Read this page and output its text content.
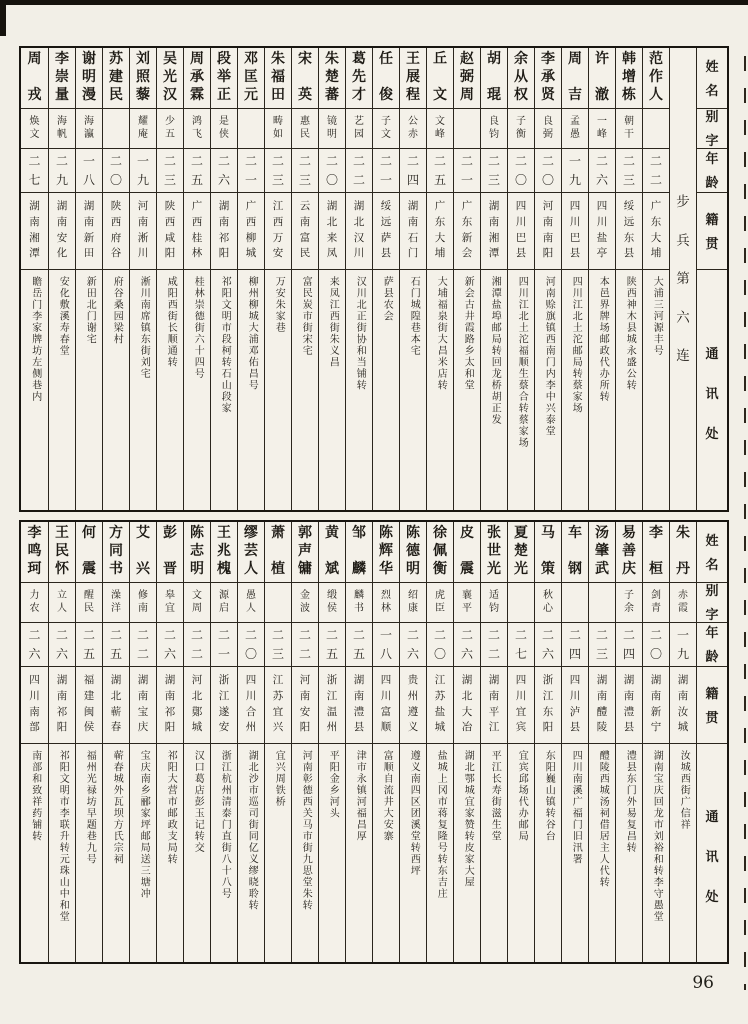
姓
名
别
字
年
龄
籍
贯
通
讯
处
步
兵
第
六
连
范
作
人
二
二
广
东
大
埔
大浦三河源丰号
韩
增
栋
朝
干
二
三
绥
远
东
县
陕西神木县城永盛公转
许
澈
一
峰
二
六
四
川
盐
亭
本邑界牌场邮政代办所转
周
吉
孟
愚
一
九
四
川
巴
县
四川江北土沱邮局转蔡家场
李
承
贤
良
弼
二
〇
河
南
南
阳
河南赊旗镇西南门内李中兴泰堂
余
从
权
子
衡
二
〇
四
川
巴
县
四川江北土沱福顺生蔡合转蔡家场
胡
琨
良
钧
二
三
湖
南
湘
潭
湘潭盐埠邮局转回龙桥胡正发
赵
弼
周
二
一
广
东
新
会
新会古井霞路乡太和堂
丘
文
文
峰
二
五
广
东
大
埔
大埔福泉街大昌米店转
王
展
程
公
赤
二
四
湖
南
石
门
石门城隍巷本宅
任
俊
子
文
二
一
绥
远
萨
县
萨县农会
葛
先
才
艺
园
二
二
湖
北
汉
川
汉川北正街协和当铺转
朱
楚
蕃
镜
明
二
〇
湖
北
来
凤
来凤江西街朱义昌
宋
英
惠
民
二
三
云
南
富
民
富民炭市街宋宅
朱
福
田
畴
如
二
三
江
西
万
安
万安朱家巷
邓
匡
元
二
一
广
西
柳
城
柳州柳城大浦邓佑昌号
段
举
正
是
侠
二
六
湖
南
祁
阳
祁阳文明市段柯转石山段家
周
承
霖
鸿
飞
二
五
广
西
桂
林
桂林崇德街六十四号
吴
光
汉
少
五
二
三
陕
西
咸
阳
咸阳西街长顺通转
刘
照
藜
耀
庵
一
九
河
南
淅
川
淅川南席镇东街刘宅
苏
建
民
二
〇
陕
西
府
谷
府谷桑园梁村
谢
明
漫
海
瀛
一
八
湖
南
新
田
新田北门谢宅
李
崇
量
海
帆
二
九
湖
南
安
化
安化敷溪寿春堂
周
戎
焕
文
二
七
湖
南
湘
潭
瞻岳门李家牌坊左侧巷内
姓
名
别
字
年
龄
籍
贯
通
讯
处
朱
丹
赤
霞
一
九
湖
南
汝
城
汝城西街广信祥
李
桓
剑
青
二
〇
湖
南
新
宁
湖南宝庆回龙市刘裕和转李守愚堂
易
善
庆
子
余
二
四
湖
南
澧
县
澧县东门外易复昌转
汤
肇
武
二
三
湖
南
醴
陵
醴陵西城汤祠借居主人代转
车
钢
二
四
四
川
泸
县
四川南溪广福门旧汛署
马
策
秋
心
二
六
浙
江
东
阳
东阳巍山镇转谷台
夏
楚
光
二
七
四
川
宜
宾
宜宾邱场代办邮局
张
世
光
适
钧
二
二
湖
南
平
江
平江长寿街滋生堂
皮
震
襄
平
二
六
湖
北
大
冶
湖北鄂城宜家赞转皮家大屋
徐
佩
衡
虎
臣
二
〇
江
苏
盐
城
盐城上冈市蒋复隆号转东吉庄
陈
德
明
绍
康
二
六
贵
州
遵
义
遵义南四区团溪堂转西坪
陈
辉
华
烈
林
一
八
四
川
富
顺
富顺自流井大安寨
邹
麟
麟
书
二
五
湖
南
澧
县
津市永镇河福昌厚
黄
斌
缎
侯
二
五
浙
江
温
州
平阳金乡河头
郭
声
镛
金
波
二
二
河
南
安
阳
河南彰德西关马市街九思堂朱转
萧
植
二
三
江
苏
宜
兴
宜兴周铁桥
缪
芸
人
愚
人
二
〇
四
川
合
州
湖北沙市巡司街同亿义缪晓聆转
王
兆
槐
源
启
二
一
浙
江
遂
安
浙江杭州清泰门直街八十八号
陈
志
明
文
周
二
二
河
北
鄚
城
汉口葛店彭玉记转交
彭
晋
皋
宜
二
六
湖
南
祁
阳
祁阳大营市邮政支局转
艾
兴
修
南
二
二
湖
南
宝
庆
宝庆南乡郦家坪邮局送三塘冲
方
同
书
澡
洋
二
五
湖
北
蕲
春
蕲春城外瓦坝方氏宗祠
何
震
醒
民
二
五
福
建
闽
侯
福州光禄坊早题巷九号
王
民
怀
立
人
二
六
湖
南
祁
阳
祁阳文明市李联升转元珠山中和堂
李
鸣
珂
力
农
二
六
四
川
南
部
南部和致祥药铺转
96
